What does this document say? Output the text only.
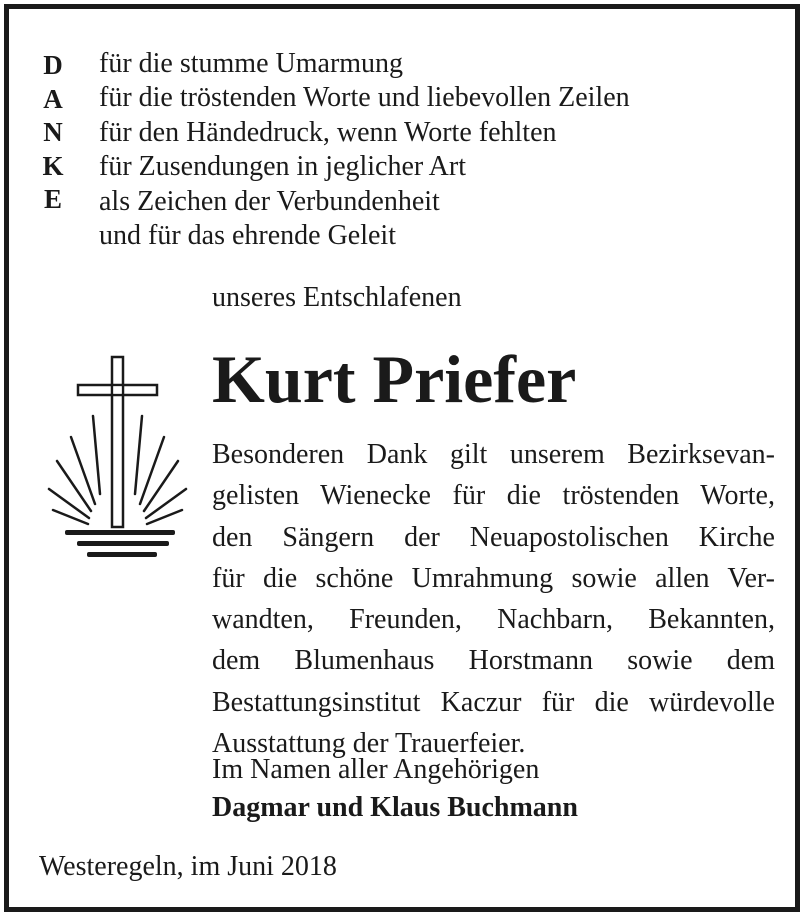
D
A
N
K
E
für die stumme Umarmung
für die tröstenden Worte und liebevollen Zeilen
für den Händedruck, wenn Worte fehlten
für Zusendungen in jeglicher Art
als Zeichen der Verbundenheit
und für das ehrende Geleit
unseres Entschlafenen
Kurt Priefer
Besonderen Dank gilt unserem Bezirksevan-
gelisten Wienecke für die tröstenden Worte,
den Sängern der Neuapostolischen Kirche
für die schöne Umrahmung sowie allen Ver-
wandten, Freunden, Nachbarn, Bekannten,
dem Blumenhaus Horstmann sowie dem
Bestattungsinstitut Kaczur für die würdevolle
Ausstattung der Trauerfeier.
Im Namen aller Angehörigen
Dagmar und Klaus Buchmann
Westeregeln, im Juni 2018
